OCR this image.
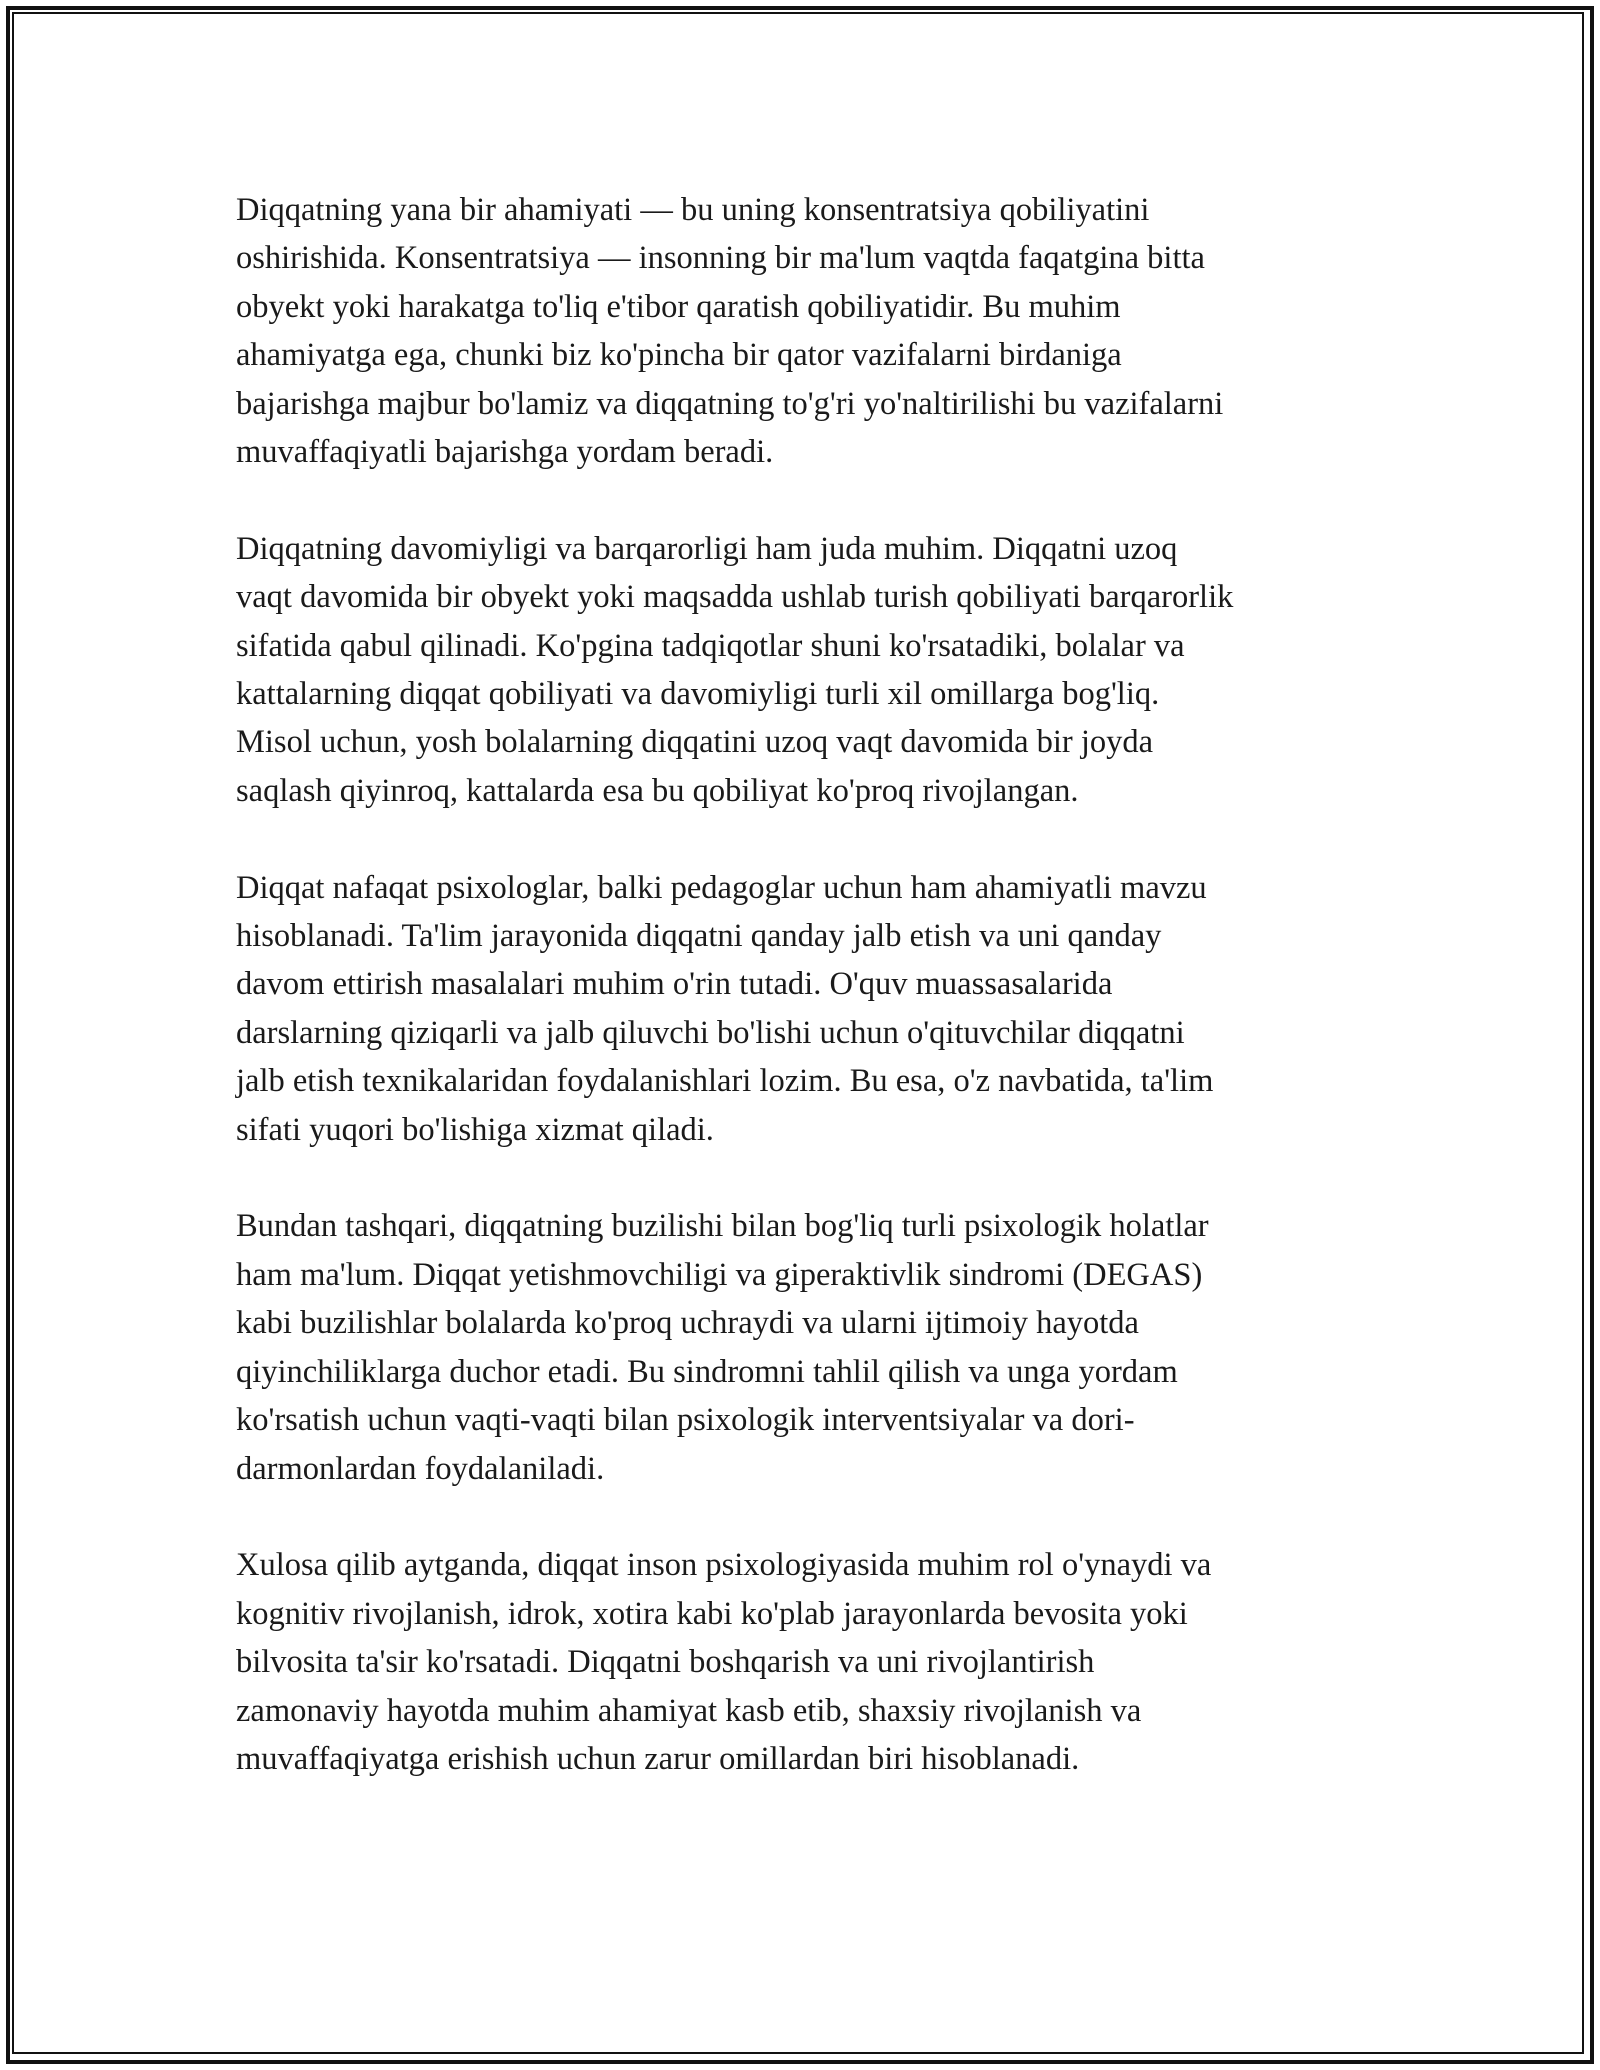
Diqqatning yana bir ahamiyati — bu uning konsentratsiya qobiliyatini
oshirishida. Konsentratsiya — insonning bir ma'lum vaqtda faqatgina bitta
obyekt yoki harakatga to'liq e'tibor qaratish qobiliyatidir. Bu muhim
ahamiyatga ega, chunki biz ko'pincha bir qator vazifalarni birdaniga
bajarishga majbur bo'lamiz va diqqatning to'g'ri yo'naltirilishi bu vazifalarni
muvaffaqiyatli bajarishga yordam beradi.

Diqqatning davomiyligi va barqarorligi ham juda muhim. Diqqatni uzoq
vaqt davomida bir obyekt yoki maqsadda ushlab turish qobiliyati barqarorlik
sifatida qabul qilinadi. Ko'pgina tadqiqotlar shuni ko'rsatadiki, bolalar va
kattalarning diqqat qobiliyati va davomiyligi turli xil omillarga bog'liq.
Misol uchun, yosh bolalarning diqqatini uzoq vaqt davomida bir joyda
saqlash qiyinroq, kattalarda esa bu qobiliyat ko'proq rivojlangan.

Diqqat nafaqat psixologlar, balki pedagoglar uchun ham ahamiyatli mavzu
hisoblanadi. Ta'lim jarayonida diqqatni qanday jalb etish va uni qanday
davom ettirish masalalari muhim o'rin tutadi. O'quv muassasalarida
darslarning qiziqarli va jalb qiluvchi bo'lishi uchun o'qituvchilar diqqatni
jalb etish texnikalaridan foydalanishlari lozim. Bu esa, o'z navbatida, ta'lim
sifati yuqori bo'lishiga xizmat qiladi.

Bundan tashqari, diqqatning buzilishi bilan bog'liq turli psixologik holatlar
ham ma'lum. Diqqat yetishmovchiligi va giperaktivlik sindromi (DEGAS)
kabi buzilishlar bolalarda ko'proq uchraydi va ularni ijtimoiy hayotda
qiyinchiliklarga duchor etadi. Bu sindromni tahlil qilish va unga yordam
ko'rsatish uchun vaqti-vaqti bilan psixologik interventsiyalar va dori-
darmonlardan foydalaniladi.

Xulosa qilib aytganda, diqqat inson psixologiyasida muhim rol o'ynaydi va
kognitiv rivojlanish, idrok, xotira kabi ko'plab jarayonlarda bevosita yoki
bilvosita ta'sir ko'rsatadi. Diqqatni boshqarish va uni rivojlantirish
zamonaviy hayotda muhim ahamiyat kasb etib, shaxsiy rivojlanish va
muvaffaqiyatga erishish uchun zarur omillardan biri hisoblanadi.
